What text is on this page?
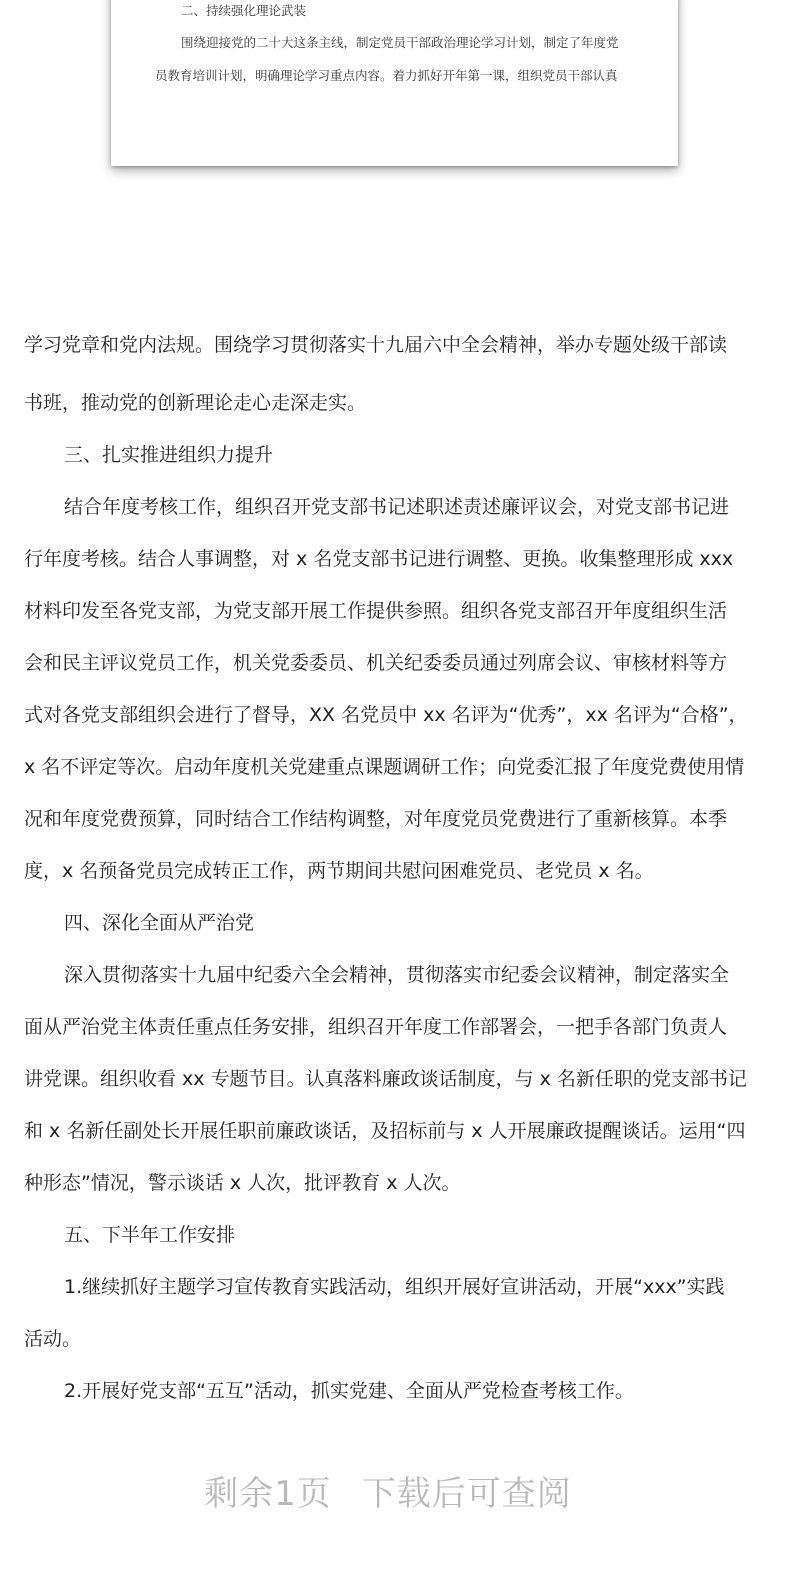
二、持续强化理论武装
围绕迎接党的二十大这条主线，制定党员干部政治理论学习计划，制定了年度党
员教育培训计划，明确理论学习重点内容。着力抓好开年第一课，组织党员干部认真
学习党章和党内法规。围绕学习贯彻落实十九届六中全会精神，举办专题处级干部读
书班，推动党的创新理论走心走深走实。
三、扎实推进组织力提升
结合年度考核工作，组织召开党支部书记述职述责述廉评议会，对党支部书记进
行年度考核。结合人事调整，对 x 名党支部书记进行调整、更换。收集整理形成 xxx
材料印发至各党支部，为党支部开展工作提供参照。组织各党支部召开年度组织生活
会和民主评议党员工作，机关党委委员、机关纪委委员通过列席会议、审核材料等方
式对各党支部组织会进行了督导，XX 名党员中 xx 名评为“优秀”，xx 名评为“合格”，
x 名不评定等次。启动年度机关党建重点课题调研工作；向党委汇报了年度党费使用情
况和年度党费预算，同时结合工作结构调整，对年度党员党费进行了重新核算。本季
度，x 名预备党员完成转正工作，两节期间共慰问困难党员、老党员 x 名。
四、深化全面从严治党
深入贯彻落实十九届中纪委六全会精神，贯彻落实市纪委会议精神，制定落实全
面从严治党主体责任重点任务安排，组织召开年度工作部署会，一把手各部门负责人
讲党课。组织收看 xx 专题节目。认真落料廉政谈话制度，与 x 名新任职的党支部书记
和 x 名新任副处长开展任职前廉政谈话，及招标前与 x 人开展廉政提醒谈话。运用“四
种形态”情况，警示谈话 x 人次，批评教育 x 人次。
五、下半年工作安排
1.继续抓好主题学习宣传教育实践活动，组织开展好宣讲活动，开展“xxx”实践
活动。
2.开展好党支部“五互”活动，抓实党建、全面从严党检查考核工作。
剩余1页 下载后可查阅
